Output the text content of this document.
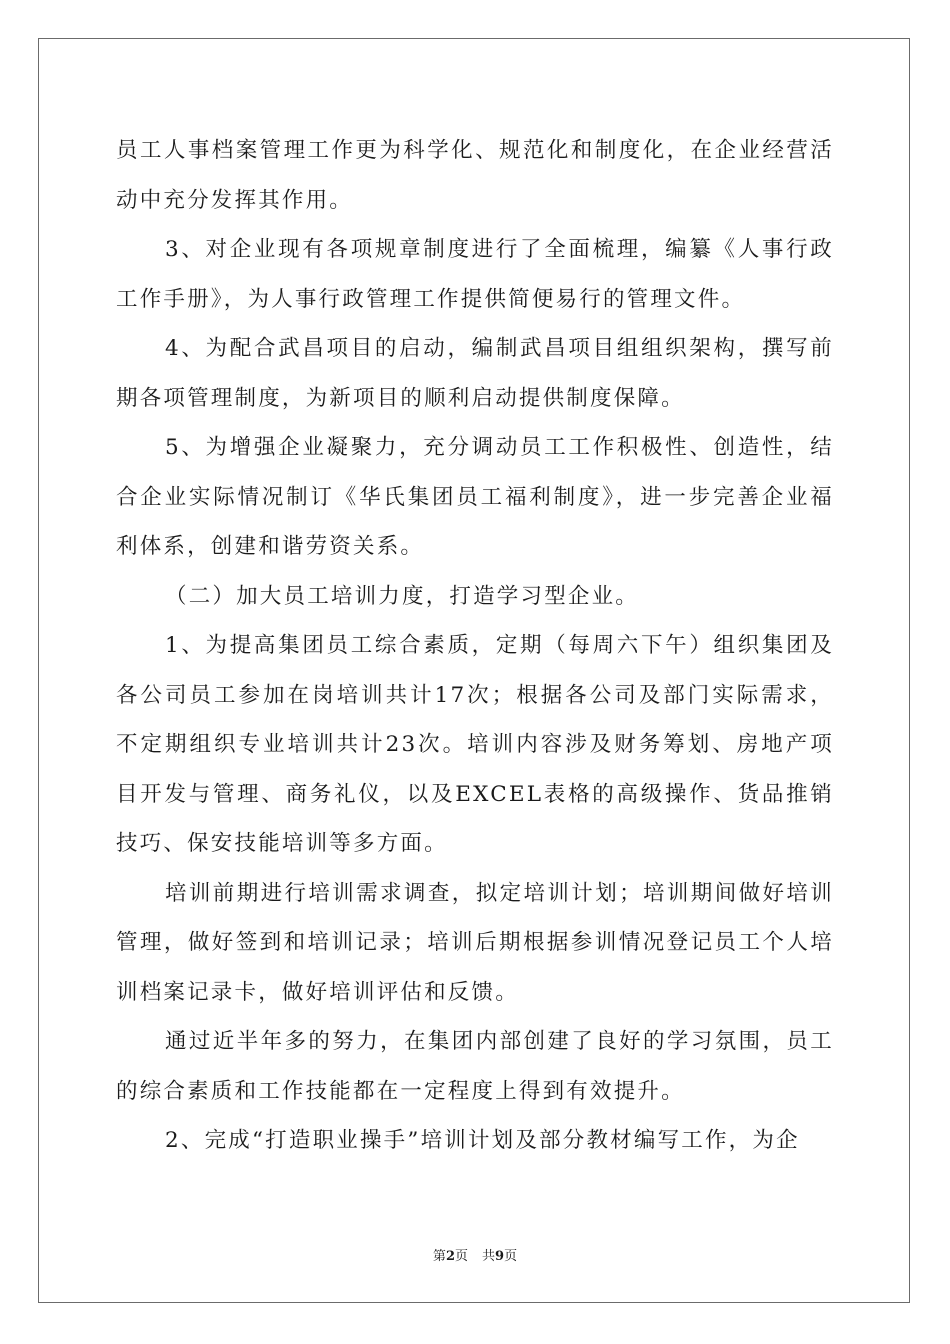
员工人事档案管理工作更为科学化、规范化和制度化，在企业经营活动中充分发挥其作用。

3、对企业现有各项规章制度进行了全面梳理，编纂《人事行政工作手册》，为人事行政管理工作提供简便易行的管理文件。

4、为配合武昌项目的启动，编制武昌项目组组织架构，撰写前期各项管理制度，为新项目的顺利启动提供制度保障。

5、为增强企业凝聚力，充分调动员工工作积极性、创造性，结合企业实际情况制订《华氏集团员工福利制度》，进一步完善企业福利体系，创建和谐劳资关系。

（二）加大员工培训力度，打造学习型企业。

1、为提高集团员工综合素质，定期（每周六下午）组织集团及各公司员工参加在岗培训共计17次；根据各公司及部门实际需求，不定期组织专业培训共计23次。培训内容涉及财务筹划、房地产项目开发与管理、商务礼仪，以及EXCEL表格的高级操作、货品推销技巧、保安技能培训等多方面。

培训前期进行培训需求调查，拟定培训计划；培训期间做好培训管理，做好签到和培训记录；培训后期根据参训情况登记员工个人培训档案记录卡，做好培训评估和反馈。

通过近半年多的努力，在集团内部创建了良好的学习氛围，员工的综合素质和工作技能都在一定程度上得到有效提升。

2、完成“打造职业操手”培训计划及部分教材编写工作，为企

第2页 共9页
